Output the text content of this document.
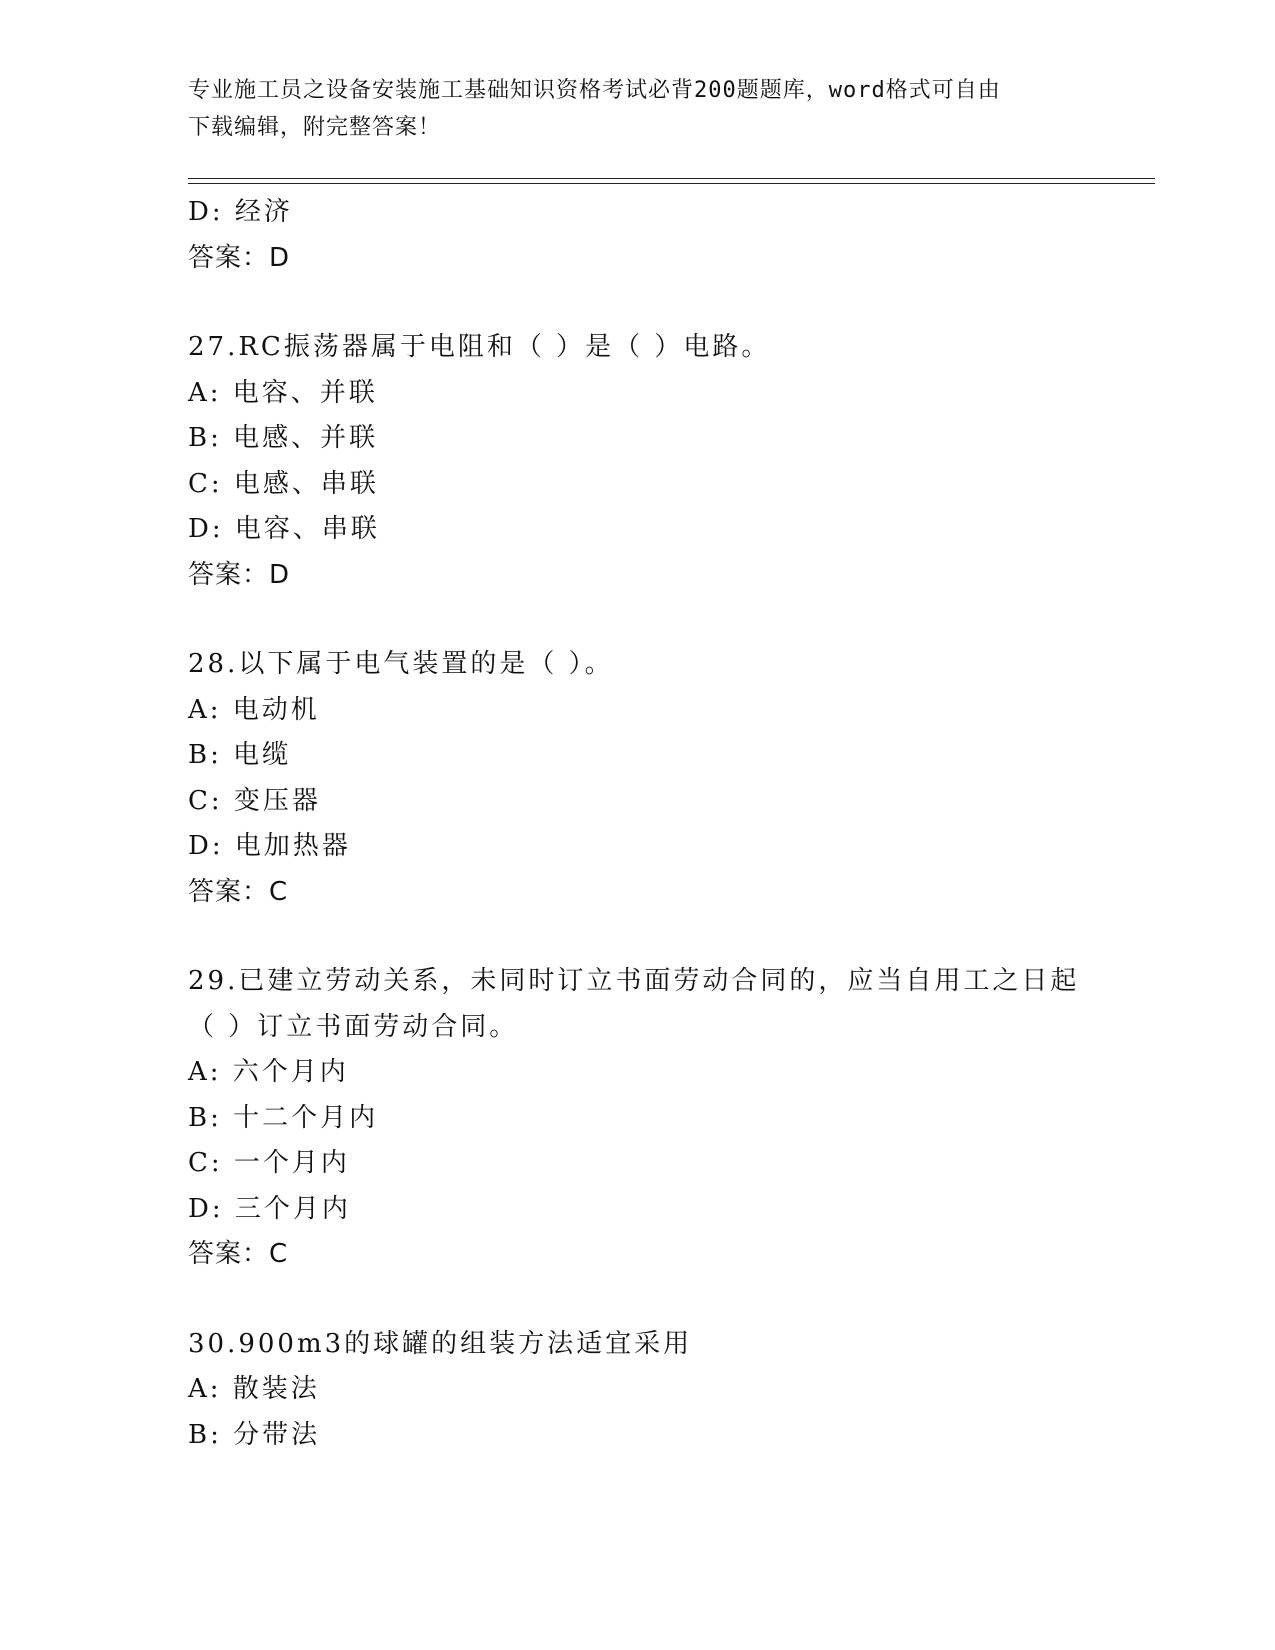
专业施工员之设备安装施工基础知识资格考试必背200题题库，word格式可自由
下载编辑，附完整答案！
D: 经济
答案：D
27.RC振荡器属于电阻和（ ）是（ ）电路。
A: 电容、并联
B: 电感、并联
C: 电感、串联
D: 电容、串联
答案：D
28.以下属于电气装置的是（ ）。
A: 电动机
B: 电缆
C: 变压器
D: 电加热器
答案：C
29.已建立劳动关系，未同时订立书面劳动合同的，应当自用工之日起
（ ）订立书面劳动合同。
A: 六个月内
B: 十二个月内
C: 一个月内
D: 三个月内
答案：C
30.900m3的球罐的组装方法适宜采用
A: 散装法
B: 分带法
